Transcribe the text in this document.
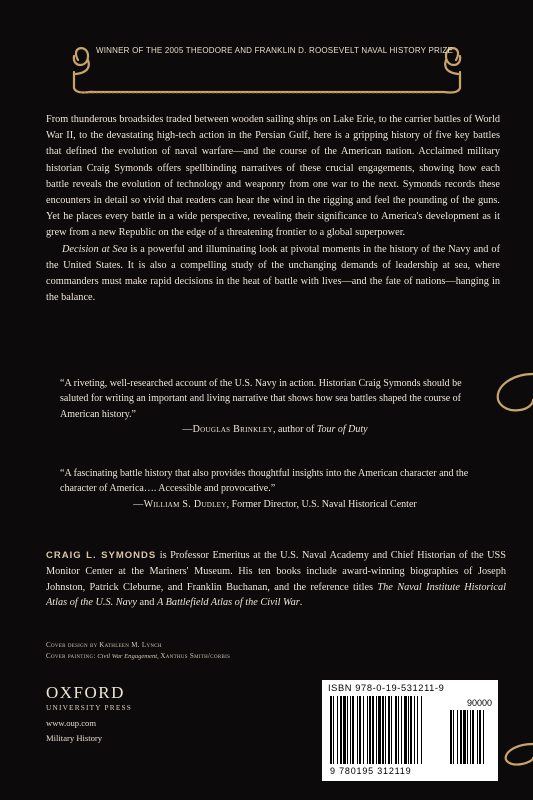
WINNER OF THE 2005 THEODORE AND FRANKLIN D. ROOSEVELT NAVAL HISTORY PRIZE

From thunderous broadsides traded between wooden sailing ships on Lake Erie, to the carrier battles of World War II, to the devastating high-tech action in the Persian Gulf, here is a gripping history of five key battles that defined the evolution of naval warfare—and the course of the American nation. Acclaimed military historian Craig Symonds offers spellbinding narratives of these crucial engagements, showing how each battle reveals the evolution of technology and weaponry from one war to the next. Symonds records these encounters in detail so vivid that readers can hear the wind in the rigging and feel the pounding of the guns. Yet he places every battle in a wide perspective, revealing their significance to America's development as it grew from a new Republic on the edge of a threatening frontier to a global superpower.

Decision at Sea is a powerful and illuminating look at pivotal moments in the history of the Navy and of the United States. It is also a compelling study of the unchanging demands of leadership at sea, where commanders must make rapid decisions in the heat of battle with lives—and the fate of nations—hanging in the balance.

“A riveting, well-researched account of the U.S. Navy in action. Historian Craig Symonds should be saluted for writing an important and living narrative that shows how sea battles shaped the course of American history.”
—Douglas Brinkley, author of Tour of Duty
“A fascinating battle history that also provides thoughtful insights into the American character and the character of America…. Accessible and provocative.”
—William S. Dudley, Former Director, U.S. Naval Historical Center
CRAIG L. SYMONDS is Professor Emeritus at the U.S. Naval Academy and Chief Historian of the USS Monitor Center at the Mariners' Museum. His ten books include award-winning biographies of Joseph Johnston, Patrick Cleburne, and Franklin Buchanan, and the reference titles The Naval Institute Historical Atlas of the U.S. Navy and A Battlefield Atlas of the Civil War.
Cover design by Kathleen M. Lynch
Cover painting: Civil War Engagement, Xanthus Smith/corbis
OXFORD
UNIVERSITY PRESS
www.oup.com
Military History
ISBN 978-0-19-531211-9
90000
9 780195 312119
